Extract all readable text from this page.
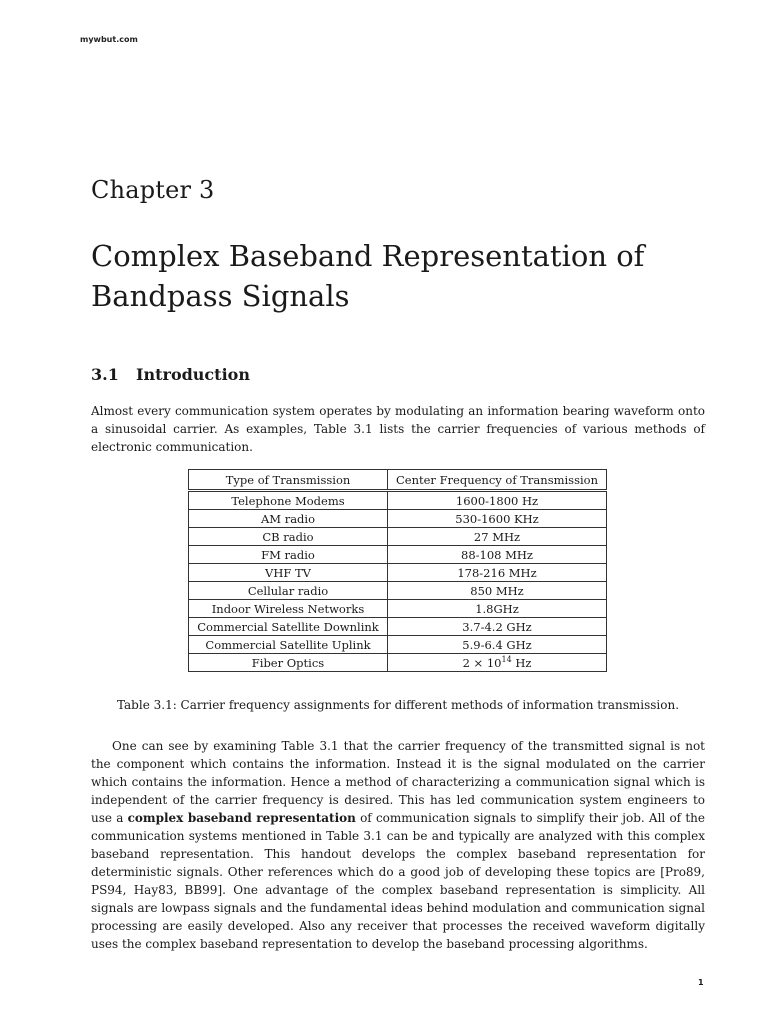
mywbut.com
Chapter 3
Complex Baseband Representation of Bandpass Signals
3.1 Introduction

Almost every communication system operates by modulating an information bearing waveform onto a sinusoidal carrier. As examples, Table 3.1 lists the carrier frequencies of various methods of electronic communication.

Type of Transmission	Center Frequency of Transmission
Telephone Modems	1600-1800 Hz
AM radio	530-1600 KHz
CB radio	27 MHz
FM radio	88-108 MHz
VHF TV	178-216 MHz
Cellular radio	850 MHz
Indoor Wireless Networks	1.8GHz
Commercial Satellite Downlink	3.7-4.2 GHz
Commercial Satellite Uplink	5.9-6.4 GHz
Fiber Optics	$2 \times 10^{14}$ Hz
Table 3.1: Carrier frequency assignments for different methods of information transmission.

One can see by examining Table 3.1 that the carrier frequency of the transmitted signal is not the component which contains the information. Instead it is the signal modulated on the carrier which contains the information. Hence a method of characterizing a communication signal which is independent of the carrier frequency is desired. This has led communication system engineers to use a complex baseband representation of communication signals to simplify their job. All of the communication systems mentioned in Table 3.1 can be and typically are analyzed with this complex baseband representation. This handout develops the complex baseband representation for deterministic signals. Other references which do a good job of developing these topics are [Pro89, PS94, Hay83, BB99]. One advantage of the complex baseband representation is simplicity. All signals are lowpass signals and the fundamental ideas behind modulation and communication signal processing are easily developed. Also any receiver that processes the received waveform digitally uses the complex baseband representation to develop the baseband processing algorithms.

1
